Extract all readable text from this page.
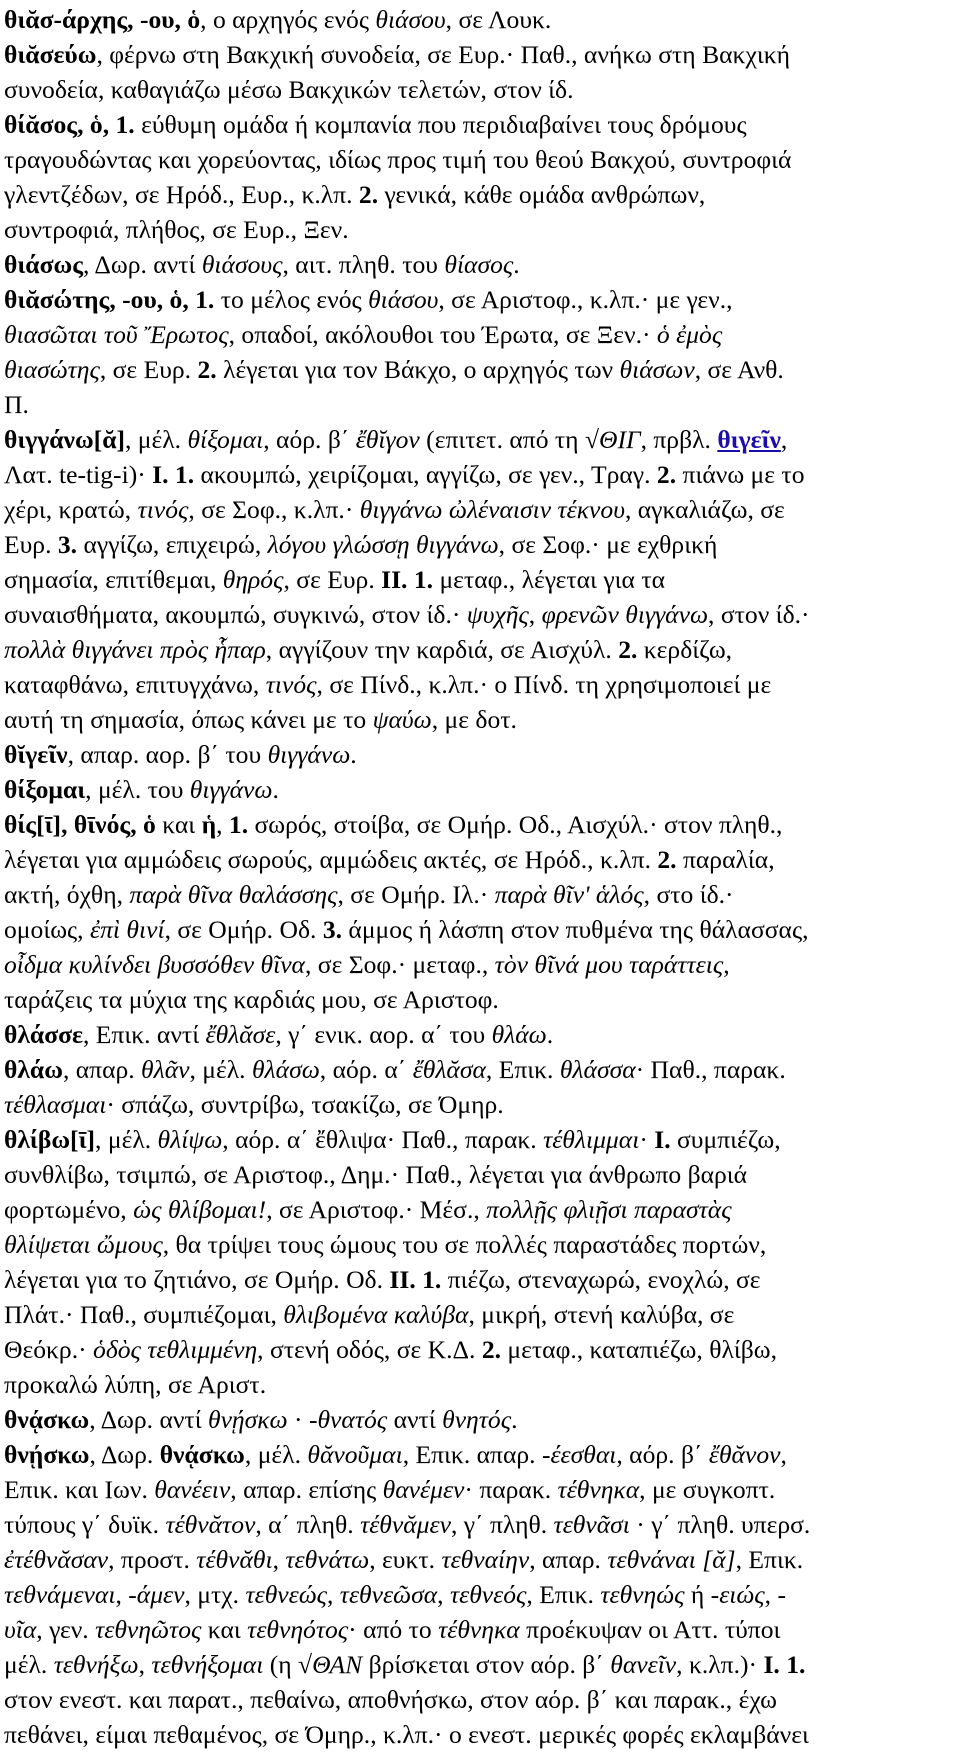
θιᾰσ-άρχης, -ου, ὁ, ο αρχηγός ενός θιάσου, σε Λουκ.
θιᾰσεύω, φέρνω στη Βακχική συνοδεία, σε Ευρ.· Παθ., ανήκω στη Βακχική
συνοδεία, καθαγιάζω μέσω Βακχικών τελετών, στον ίδ.
θίᾰσος, ὁ, 1. εύθυμη ομάδα ή κομπανία που περιδιαβαίνει τους δρόμους
τραγουδώντας και χορεύοντας, ιδίως προς τιμή του θεού Βακχού, συντροφιά
γλεντζέδων, σε Ηρόδ., Ευρ., κ.λπ. 2. γενικά, κάθε ομάδα ανθρώπων,
συντροφιά, πλήθος, σε Ευρ., Ξεν.
θιάσως, Δωρ. αντί θιάσους, αιτ. πληθ. του θίασος.
θιᾰσώτης, -ου, ὁ, 1. το μέλος ενός θιάσου, σε Αριστοφ., κ.λπ.· με γεν.,
θιασῶται τοῦ Ἔρωτος, οπαδοί, ακόλουθοι του Έρωτα, σε Ξεν.· ὁ ἐμὸς
θιασώτης, σε Ευρ. 2. λέγεται για τον Βάκχο, ο αρχηγός των θιάσων, σε Ανθ.
Π.
θιγγάνω[ᾰ], μέλ. θίξομαι, αόρ. β΄ ἔθῐγον (επιτετ. από τη √ΘΙΓ, πρβλ. θιγεῖν,
Λατ. te-tig-i)· I. 1. ακουμπώ, χειρίζομαι, αγγίζω, σε γεν., Τραγ. 2. πιάνω με το
χέρι, κρατώ, τινός, σε Σοφ., κ.λπ.· θιγγάνω ὠλέναισιν τέκνου, αγκαλιάζω, σε
Ευρ. 3. αγγίζω, επιχειρώ, λόγου γλώσσῃ θιγγάνω, σε Σοφ.· με εχθρική
σημασία, επιτίθεμαι, θηρός, σε Ευρ. II. 1. μεταφ., λέγεται για τα
συναισθήματα, ακουμπώ, συγκινώ, στον ίδ.· ψυχῆς, φρενῶν θιγγάνω, στον ίδ.·
πολλὰ θιγγάνει πρὸς ἧπαρ, αγγίζουν την καρδιά, σε Αισχύλ. 2. κερδίζω,
καταφθάνω, επιτυγχάνω, τινός, σε Πίνδ., κ.λπ.· ο Πίνδ. τη χρησιμοποιεί με
αυτή τη σημασία, όπως κάνει με το ψαύω, με δοτ.
θῐγεῖν, απαρ. αορ. β΄ του θιγγάνω.
θίξομαι, μέλ. του θιγγάνω.
θίς[ῑ], θῑνός, ὁ και ἡ, 1. σωρός, στοίβα, σε Ομήρ. Οδ., Αισχύλ.· στον πληθ.,
λέγεται για αμμώδεις σωρούς, αμμώδεις ακτές, σε Ηρόδ., κ.λπ. 2. παραλία,
ακτή, όχθη, παρὰ θῖνα θαλάσσης, σε Ομήρ. Ιλ.· παρὰ θῖν' ἁλός, στο ίδ.·
ομοίως, ἐπὶ θινί, σε Ομήρ. Οδ. 3. άμμος ή λάσπη στον πυθμένα της θάλασσας,
οἶδμα κυλίνδει βυσσόθεν θῖνα, σε Σοφ.· μεταφ., τὸν θῖνά μου ταράττεις,
ταράζεις τα μύχια της καρδιάς μου, σε Αριστοφ.
θλάσσε, Επικ. αντί ἔθλᾰσε, γ΄ ενικ. αορ. α΄ του θλάω.
θλάω, απαρ. θλᾶν, μέλ. θλάσω, αόρ. α΄ ἔθλᾰσα, Επικ. θλάσσα· Παθ., παρακ.
τέθλασμαι· σπάζω, συντρίβω, τσακίζω, σε Όμηρ.
θλίβω[ῑ], μέλ. θλίψω, αόρ. α΄ ἔθλιψα· Παθ., παρακ. τέθλιμμαι· I. συμπιέζω,
συνθλίβω, τσιμπώ, σε Αριστοφ., Δημ.· Παθ., λέγεται για άνθρωπο βαριά
φορτωμένο, ὡς θλίβομαι!, σε Αριστοφ.· Μέσ., πολλῇς φλιῇσι παραστὰς
θλίψεται ὤμους, θα τρίψει τους ώμους του σε πολλές παραστάδες πορτών,
λέγεται για το ζητιάνο, σε Ομήρ. Οδ. II. 1. πιέζω, στεναχωρώ, ενοχλώ, σε
Πλάτ.· Παθ., συμπιέζομαι, θλιβομένα καλύβα, μικρή, στενή καλύβα, σε
Θεόκρ.· ὁδὸς τεθλιμμένη, στενή οδός, σε Κ.Δ. 2. μεταφ., καταπιέζω, θλίβω,
προκαλώ λύπη, σε Αριστ.
θνᾴσκω, Δωρ. αντί θνῄσκω · -θνατός αντί θνητός.
θνῄσκω, Δωρ. θνᾴσκω, μέλ. θᾰνοῦμαι, Επικ. απαρ. -έεσθαι, αόρ. β΄ ἔθᾰνον,
Επικ. και Ιων. θανέειν, απαρ. επίσης θανέμεν· παρακ. τέθνηκα, με συγκοπτ.
τύπους γ΄ δυϊκ. τέθνᾰτον, α΄ πληθ. τέθνᾰμεν, γ΄ πληθ. τεθνᾶσι · γ΄ πληθ. υπερσ.
ἐτέθνᾰσαν, προστ. τέθνᾰθι, τεθνάτω, ευκτ. τεθναίην, απαρ. τεθνάναι [ᾰ], Επικ.
τεθνάμεναι, -άμεν, μτχ. τεθνεώς, τεθνεῶσα, τεθνεός, Επικ. τεθνηώς ή -ειώς, -
υῖα, γεν. τεθνηῶτος και τεθνηότος· από το τέθνηκα προέκυψαν οι Αττ. τύποι
μέλ. τεθνήξω, τεθνήξομαι (η √ΘΑΝ βρίσκεται στον αόρ. β΄ θανεῖν, κ.λπ.)· I. 1.
στον ενεστ. και παρατ., πεθαίνω, αποθνήσκω, στον αόρ. β΄ και παρακ., έχω
πεθάνει, είμαι πεθαμένος, σε Όμηρ., κ.λπ.· ο ενεστ. μερικές φορές εκλαμβάνει
